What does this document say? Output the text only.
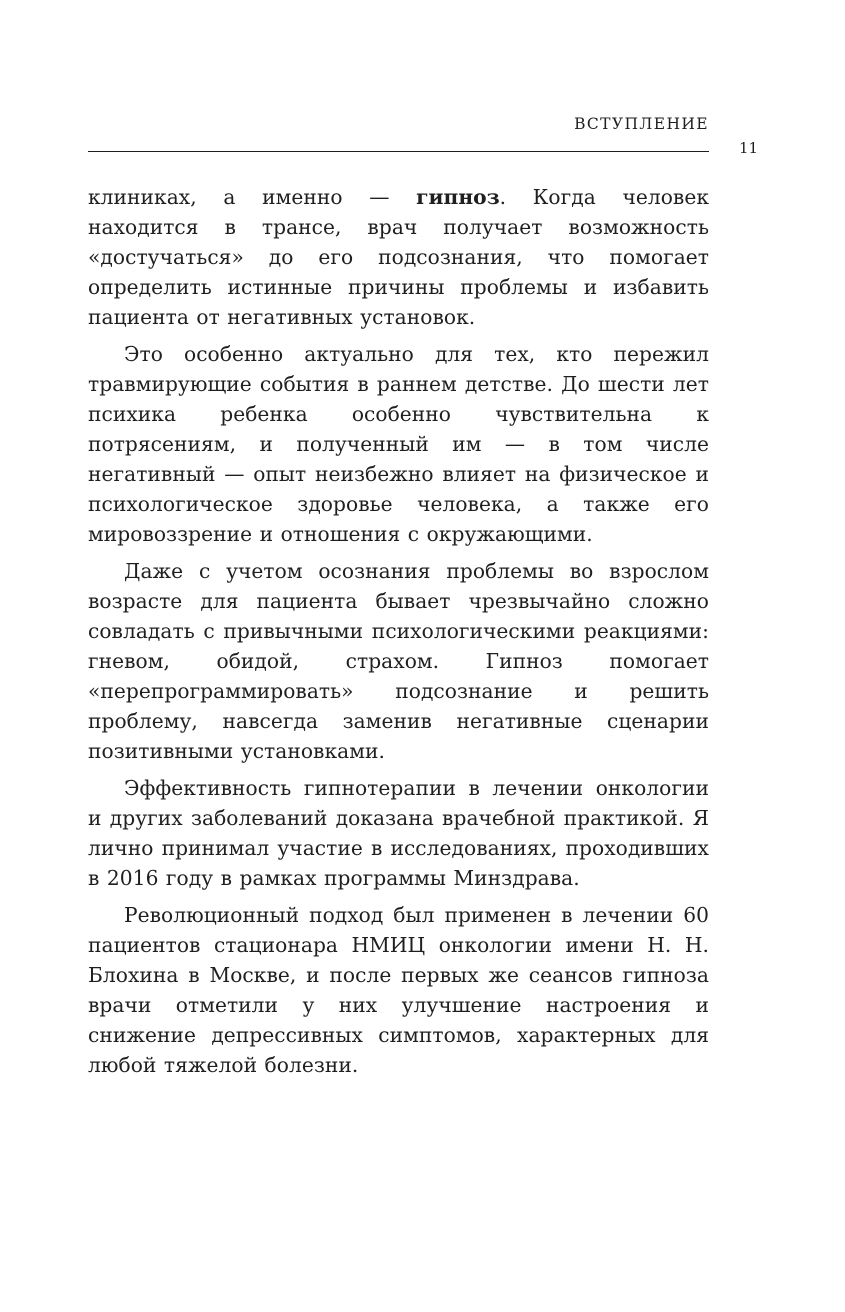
ВСТУПЛЕНИЕ
11

клиниках, а именно — гипноз. Когда человек находится в трансе, врач получает возможность «достучаться» до его подсознания, что помогает определить истинные причины проблемы и избавить пациента от негативных установок.

Это особенно актуально для тех, кто пережил травмирующие события в раннем детстве. До шести лет психика ребенка особенно чувствительна к потрясениям, и полученный им — в том числе негативный — опыт неизбежно влияет на физическое и психологическое здоровье человека, а также его мировоззрение и отношения с окружающими.

Даже с учетом осознания проблемы во взрослом возрасте для пациента бывает чрезвычайно сложно совладать с привычными психологическими реакциями: гневом, обидой, страхом. Гипноз помогает «перепрограммировать» подсознание и решить проблему, навсегда заменив негативные сценарии позитивными установками.

Эффективность гипнотерапии в лечении онкологии и других заболеваний доказана врачебной практикой. Я лично принимал участие в исследованиях, проходивших в 2016 году в рамках программы Минздрава.

Революционный подход был применен в лечении 60 пациентов стационара НМИЦ онкологии имени Н. Н. Блохина в Москве, и после первых же сеансов гипноза врачи отметили у них улучшение настроения и снижение депрессивных симптомов, характерных для любой тяжелой болезни.
